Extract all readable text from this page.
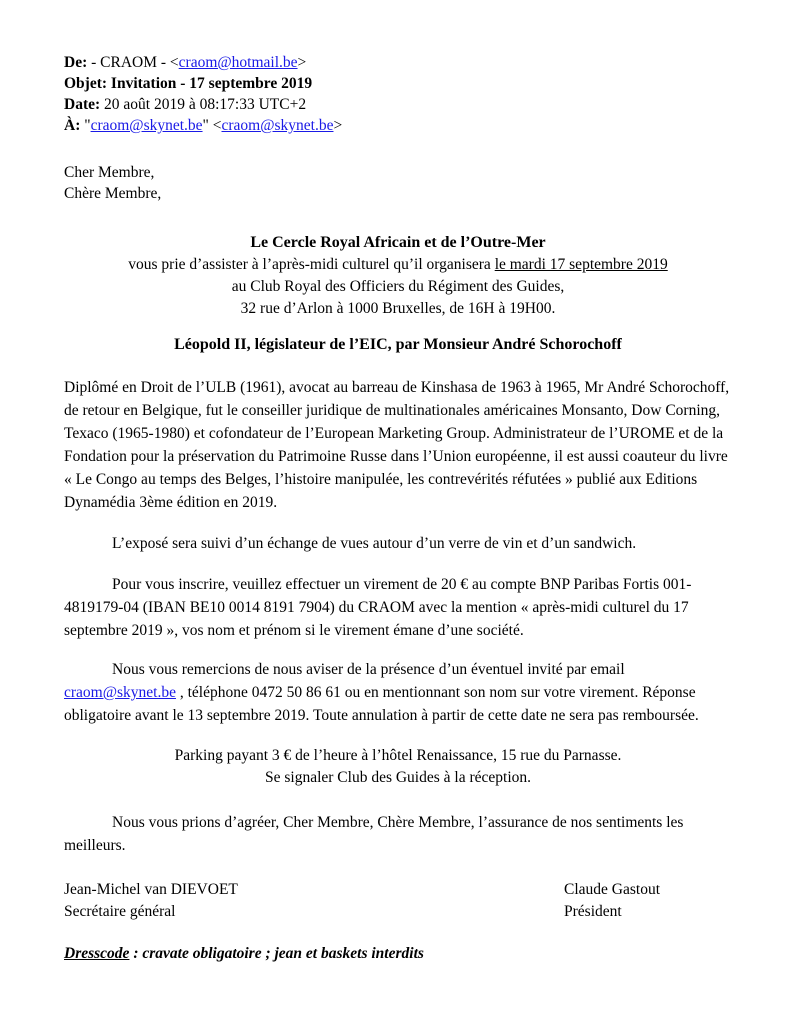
De: - CRAOM - <craom@hotmail.be>
Objet: Invitation - 17 septembre 2019
Date: 20 août 2019 à 08:17:33 UTC+2
À: "craom@skynet.be" <craom@skynet.be>
Cher Membre,
Chère Membre,
Le Cercle Royal Africain et de l’Outre-Mer
vous prie d’assister à l’après-midi culturel qu’il organisera le mardi 17 septembre 2019
au Club Royal des Officiers du Régiment des Guides,
32 rue d’Arlon à 1000 Bruxelles, de 16H à 19H00.
Léopold II, législateur de l’EIC, par Monsieur André Schorochoff

Diplômé en Droit de l’ULB (1961), avocat au barreau de Kinshasa de 1963 à 1965, Mr André Schorochoff, de retour en Belgique, fut le conseiller juridique de multinationales américaines Monsanto, Dow Corning, Texaco (1965-1980) et cofondateur de l’European Marketing Group. Administrateur de l’UROME et de la Fondation pour la préservation du Patrimoine Russe dans l’Union européenne, il est aussi coauteur du livre « Le Congo au temps des Belges, l’histoire manipulée, les contrevérités réfutées » publié aux Editions Dynamédia 3ème édition en 2019.

L’exposé sera suivi d’un échange de vues autour d’un verre de vin et d’un sandwich.

Pour vous inscrire, veuillez effectuer un virement de 20 € au compte BNP Paribas Fortis 001-4819179-04 (IBAN BE10 0014 8191 7904) du CRAOM avec la mention « après-midi culturel du 17 septembre 2019 », vos nom et prénom si le virement émane d’une société.

Nous vous remercions de nous aviser de la présence d’un éventuel invité par email craom@skynet.be , téléphone 0472 50 86 61 ou en mentionnant son nom sur votre virement. Réponse obligatoire avant le 13 septembre 2019. Toute annulation à partir de cette date ne sera pas remboursée.

Parking payant 3 € de l’heure à l’hôtel Renaissance, 15 rue du Parnasse.
Se signaler Club des Guides à la réception.

Nous vous prions d’agréer, Cher Membre, Chère Membre, l’assurance de nos sentiments les meilleurs.

Jean-Michel van DIEVOET
Secrétaire général
Claude Gastout
Président
Dresscode : cravate obligatoire ; jean et baskets interdits
